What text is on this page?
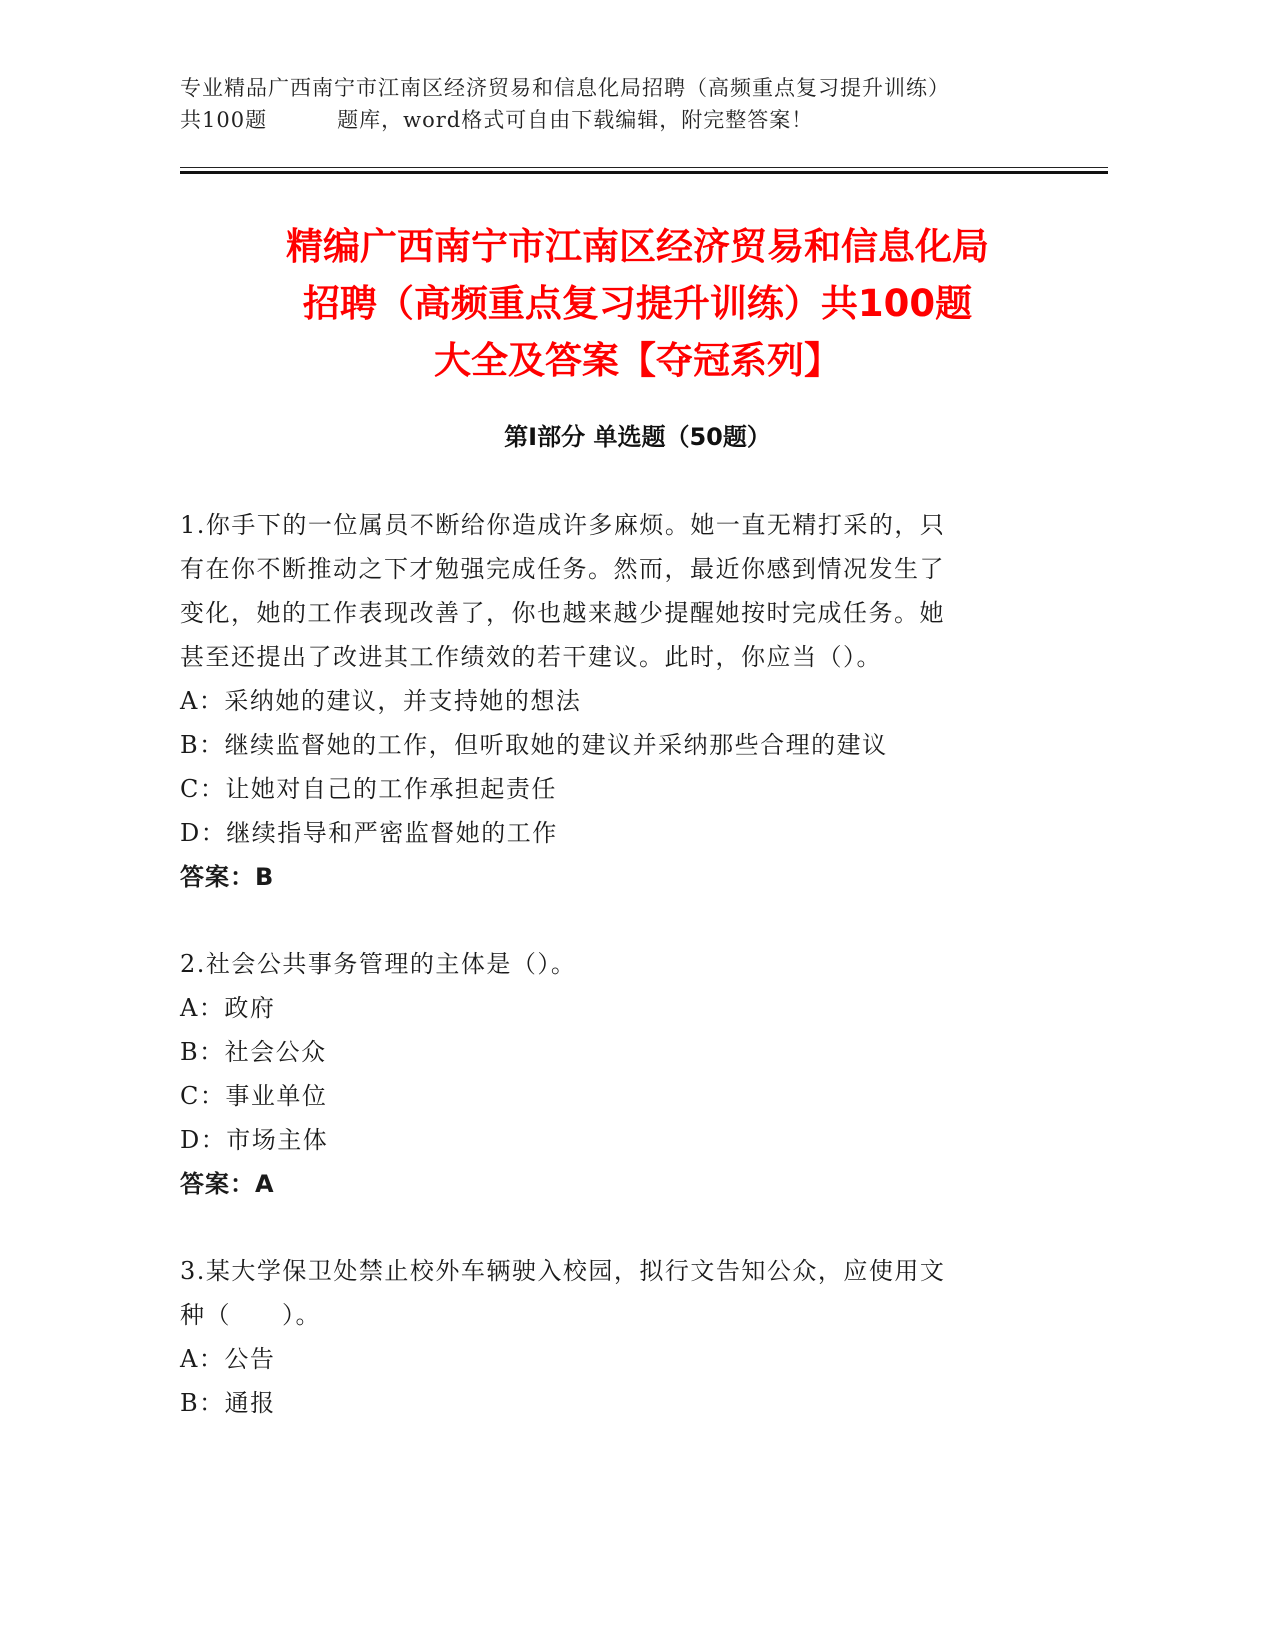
专业精品广西南宁市江南区经济贸易和信息化局招聘（高频重点复习提升训练）
共100题	题库，word格式可自由下载编辑，附完整答案！
精编广西南宁市江南区经济贸易和信息化局
招聘（高频重点复习提升训练）共100题
大全及答案【夺冠系列】
第Ⅰ部分 单选题（50题）
1.你手下的一位属员不断给你造成许多麻烦。她一直无精打采的，只
有在你不断推动之下才勉强完成任务。然而，最近你感到情况发生了
变化，她的工作表现改善了，你也越来越少提醒她按时完成任务。她
甚至还提出了改进其工作绩效的若干建议。此时，你应当（）。
A：采纳她的建议，并支持她的想法
B：继续监督她的工作，但听取她的建议并采纳那些合理的建议
C：让她对自己的工作承担起责任
D：继续指导和严密监督她的工作
答案：B
2.社会公共事务管理的主体是（）。
A：政府
B：社会公众
C：事业单位
D：市场主体
答案：A
3.某大学保卫处禁止校外车辆驶入校园，拟行文告知公众，应使用文
种（　　）。
A：公告
B：通报
